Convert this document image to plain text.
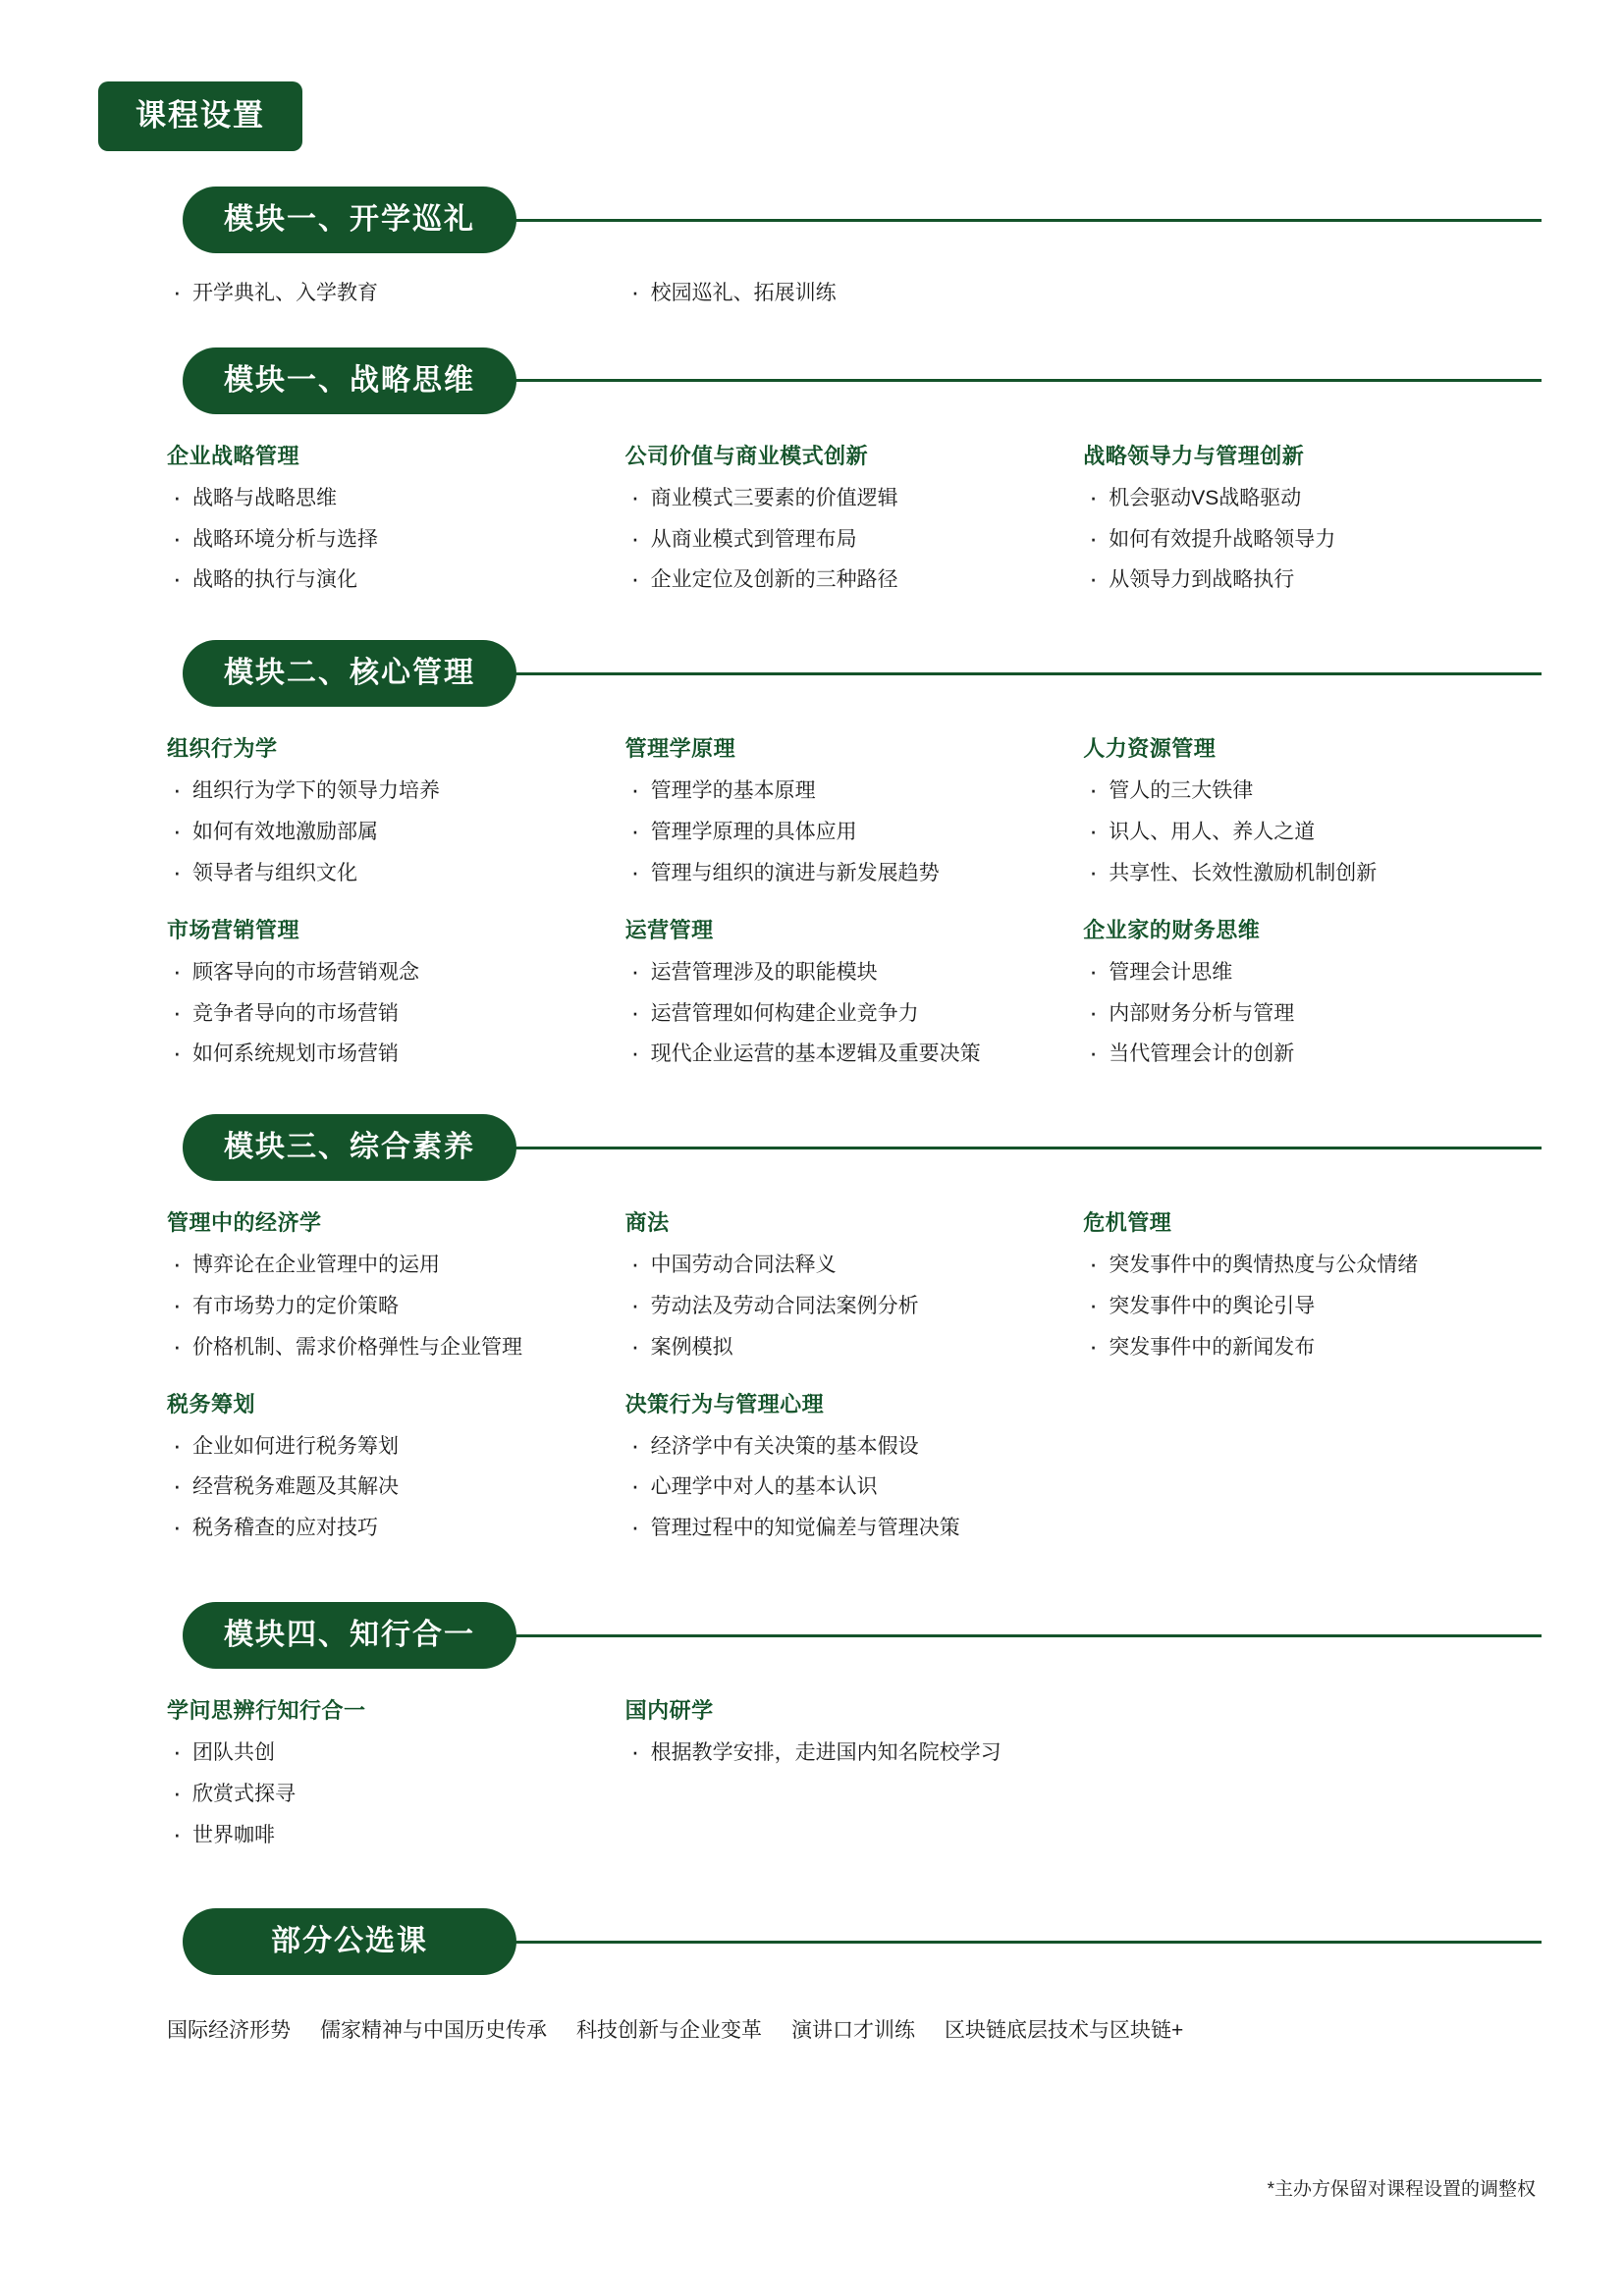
课程设置
模块一、开学巡礼
· 开学典礼、入学教育	· 校园巡礼、拓展训练
模块一、战略思维
企业战略管理
· 战略与战略思维
· 战略环境分析与选择
· 战略的执行与演化
公司价值与商业模式创新
· 商业模式三要素的价值逻辑
· 从商业模式到管理布局
· 企业定位及创新的三种路径
战略领导力与管理创新
· 机会驱动VS战略驱动
· 如何有效提升战略领导力
· 从领导力到战略执行
模块二、核心管理
组织行为学
· 组织行为学下的领导力培养
· 如何有效地激励部属
· 领导者与组织文化
市场营销管理
· 顾客导向的市场营销观念
· 竞争者导向的市场营销
· 如何系统规划市场营销
管理学原理
· 管理学的基本原理
· 管理学原理的具体应用
· 管理与组织的演进与新发展趋势
运营管理
· 运营管理涉及的职能模块
· 运营管理如何构建企业竞争力
· 现代企业运营的基本逻辑及重要决策
人力资源管理
· 管人的三大铁律
· 识人、用人、养人之道
· 共享性、长效性激励机制创新
企业家的财务思维
· 管理会计思维
· 内部财务分析与管理
· 当代管理会计的创新
模块三、综合素养
管理中的经济学
· 博弈论在企业管理中的运用
· 有市场势力的定价策略
· 价格机制、需求价格弹性与企业管理
税务筹划
· 企业如何进行税务筹划
· 经营税务难题及其解决
· 税务稽查的应对技巧
商法
· 中国劳动合同法释义
· 劳动法及劳动合同法案例分析
· 案例模拟
决策行为与管理心理
· 经济学中有关决策的基本假设
· 心理学中对人的基本认识
· 管理过程中的知觉偏差与管理决策
危机管理
· 突发事件中的舆情热度与公众情绪
· 突发事件中的舆论引导
· 突发事件中的新闻发布
模块四、知行合一
学问思辨行知行合一
· 团队共创
· 欣赏式探寻
· 世界咖啡
国内研学
· 根据教学安排，走进国内知名院校学习
部分公选课
国际经济形势 儒家精神与中国历史传承 科技创新与企业变革 演讲口才训练 区块链底层技术与区块链+
*主办方保留对课程设置的调整权
